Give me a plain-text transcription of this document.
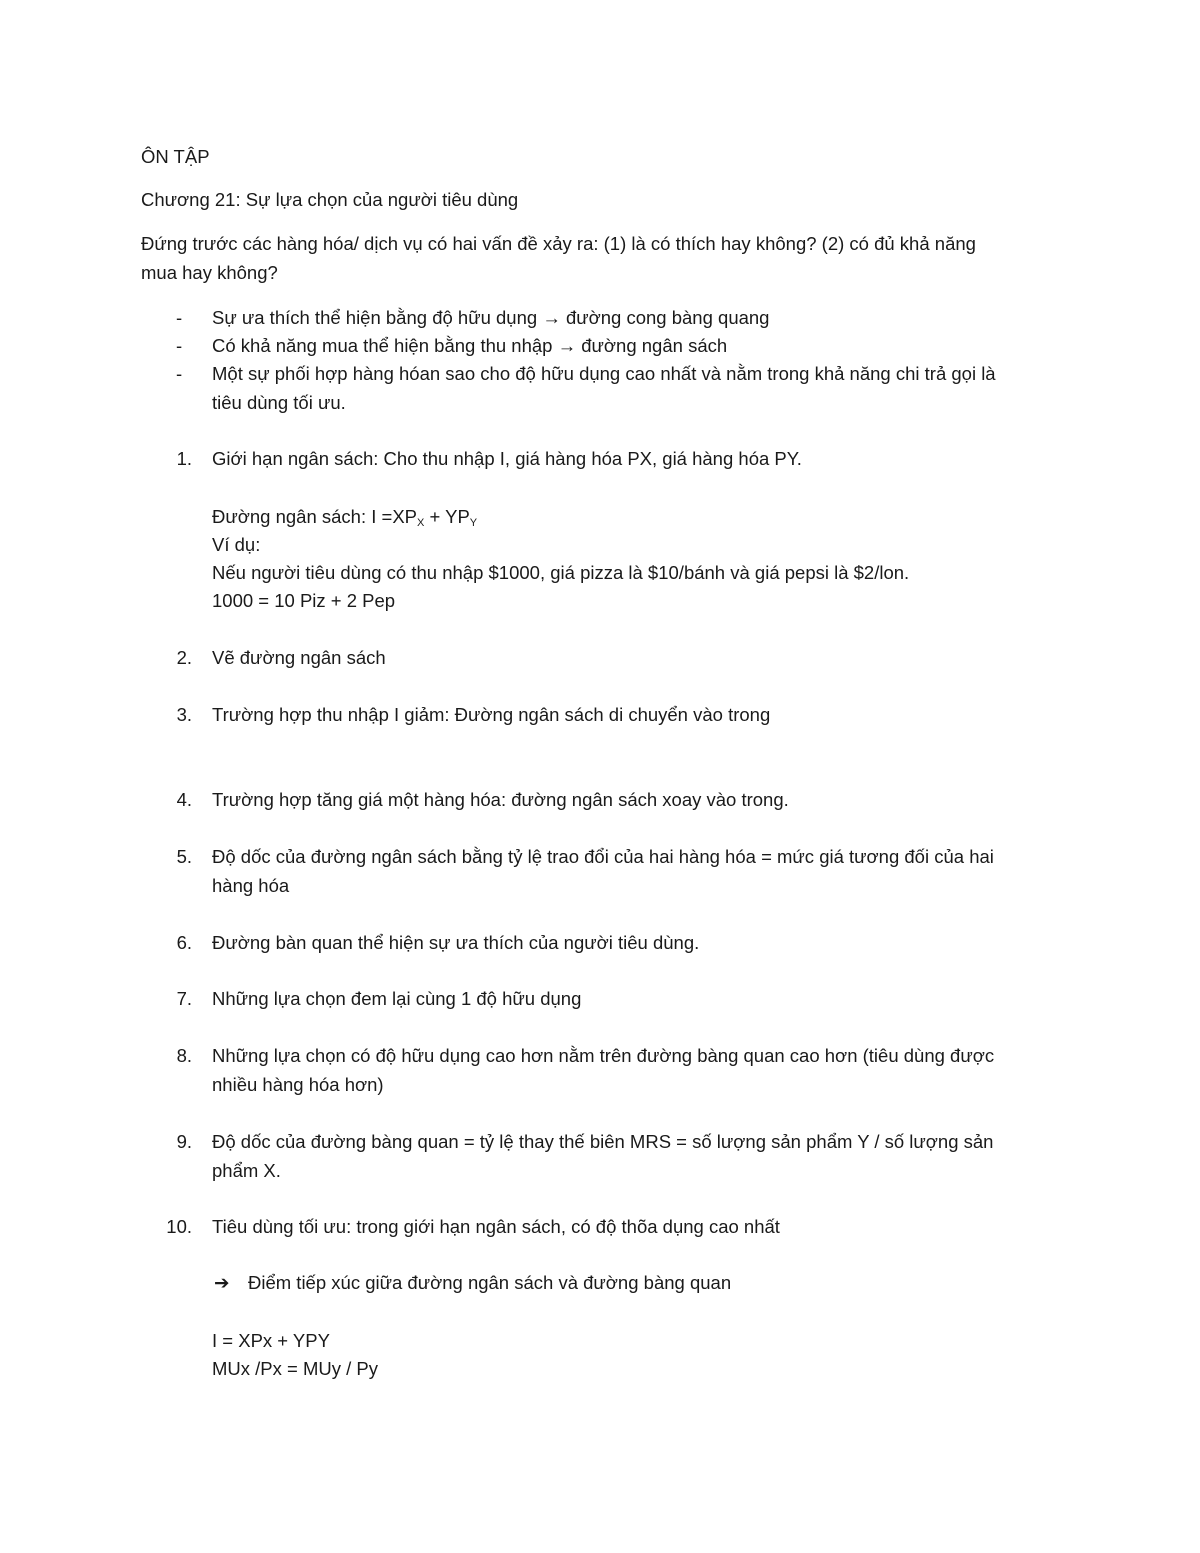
ÔN TẬP
Chương 21: Sự lựa chọn của người tiêu dùng
Đứng trước các hàng hóa/ dịch vụ có hai vấn đề xảy ra: (1) là có thích hay không? (2) có đủ khả năng
mua hay không?
- Sự ưa thích thể hiện bằng độ hữu dụng → đường cong bàng quang
- Có khả năng mua thể hiện bằng thu nhập → đường ngân sách
- Một sự phối hợp hàng hóan sao cho độ hữu dụng cao nhất và nằm trong khả năng chi trả gọi là
tiêu dùng tối ưu.
1. Giới hạn ngân sách: Cho thu nhập I, giá hàng hóa PX, giá hàng hóa PY.
Đường ngân sách: $I =XP_X + YP_Y$
Ví dụ:
Nếu người tiêu dùng có thu nhập $1000, giá pizza là $10/bánh và giá pepsi là $2/lon.
1000 = 10 Piz + 2 Pep
2. Vẽ đường ngân sách
3. Trường hợp thu nhập I giảm: Đường ngân sách di chuyển vào trong
4. Trường hợp tăng giá một hàng hóa: đường ngân sách xoay vào trong.
5. Độ dốc của đường ngân sách bằng tỷ lệ trao đổi của hai hàng hóa = mức giá tương đối của hai
hàng hóa
6. Đường bàn quan thể hiện sự ưa thích của người tiêu dùng.
7. Những lựa chọn đem lại cùng 1 độ hữu dụng
8. Những lựa chọn có độ hữu dụng cao hơn nằm trên đường bàng quan cao hơn (tiêu dùng được
nhiều hàng hóa hơn)
9. Độ dốc của đường bàng quan = tỷ lệ thay thế biên MRS = số lượng sản phẩm Y / số lượng sản
phẩm X.
10. Tiêu dùng tối ưu: trong giới hạn ngân sách, có độ thõa dụng cao nhất
➔ Điểm tiếp xúc giữa đường ngân sách và đường bàng quan
I = XPx + YPY
MUx /Px = MUy / Py
